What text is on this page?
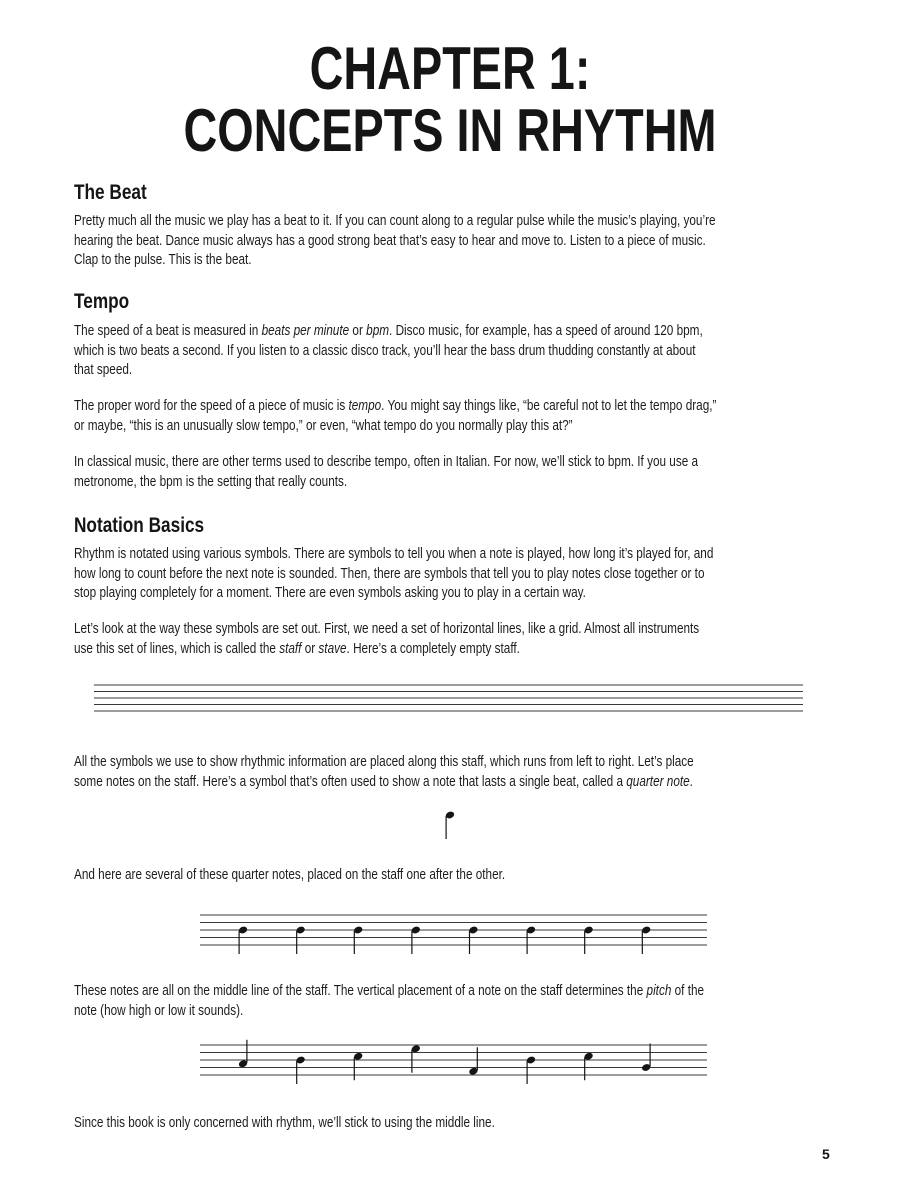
CHAPTER 1:
CONCEPTS IN RHYTHM
The Beat
Pretty much all the music we play has a beat to it. If you can count along to a regular pulse while the music’s playing, you’re
hearing the beat. Dance music always has a good strong beat that’s easy to hear and move to. Listen to a piece of music.
Clap to the pulse. This is the beat.
Tempo
The speed of a beat is measured in beats per minute or bpm. Disco music, for example, has a speed of around 120 bpm,
which is two beats a second. If you listen to a classic disco track, you’ll hear the bass drum thudding constantly at about
that speed.
The proper word for the speed of a piece of music is tempo. You might say things like, “be careful not to let the tempo drag,”
or maybe, “this is an unusually slow tempo,” or even, “what tempo do you normally play this at?”
In classical music, there are other terms used to describe tempo, often in Italian. For now, we’ll stick to bpm. If you use a
metronome, the bpm is the setting that really counts.
Notation Basics
Rhythm is notated using various symbols. There are symbols to tell you when a note is played, how long it’s played for, and
how long to count before the next note is sounded. Then, there are symbols that tell you to play notes close together or to
stop playing completely for a moment. There are even symbols asking you to play in a certain way.
Let’s look at the way these symbols are set out. First, we need a set of horizontal lines, like a grid. Almost all instruments
use this set of lines, which is called the staff or stave. Here’s a completely empty staff.
All the symbols we use to show rhythmic information are placed along this staff, which runs from left to right. Let’s place
some notes on the staff. Here’s a symbol that’s often used to show a note that lasts a single beat, called a quarter note.
And here are several of these quarter notes, placed on the staff one after the other.
These notes are all on the middle line of the staff. The vertical placement of a note on the staff determines the pitch of the
note (how high or low it sounds).
Since this book is only concerned with rhythm, we’ll stick to using the middle line.
5
